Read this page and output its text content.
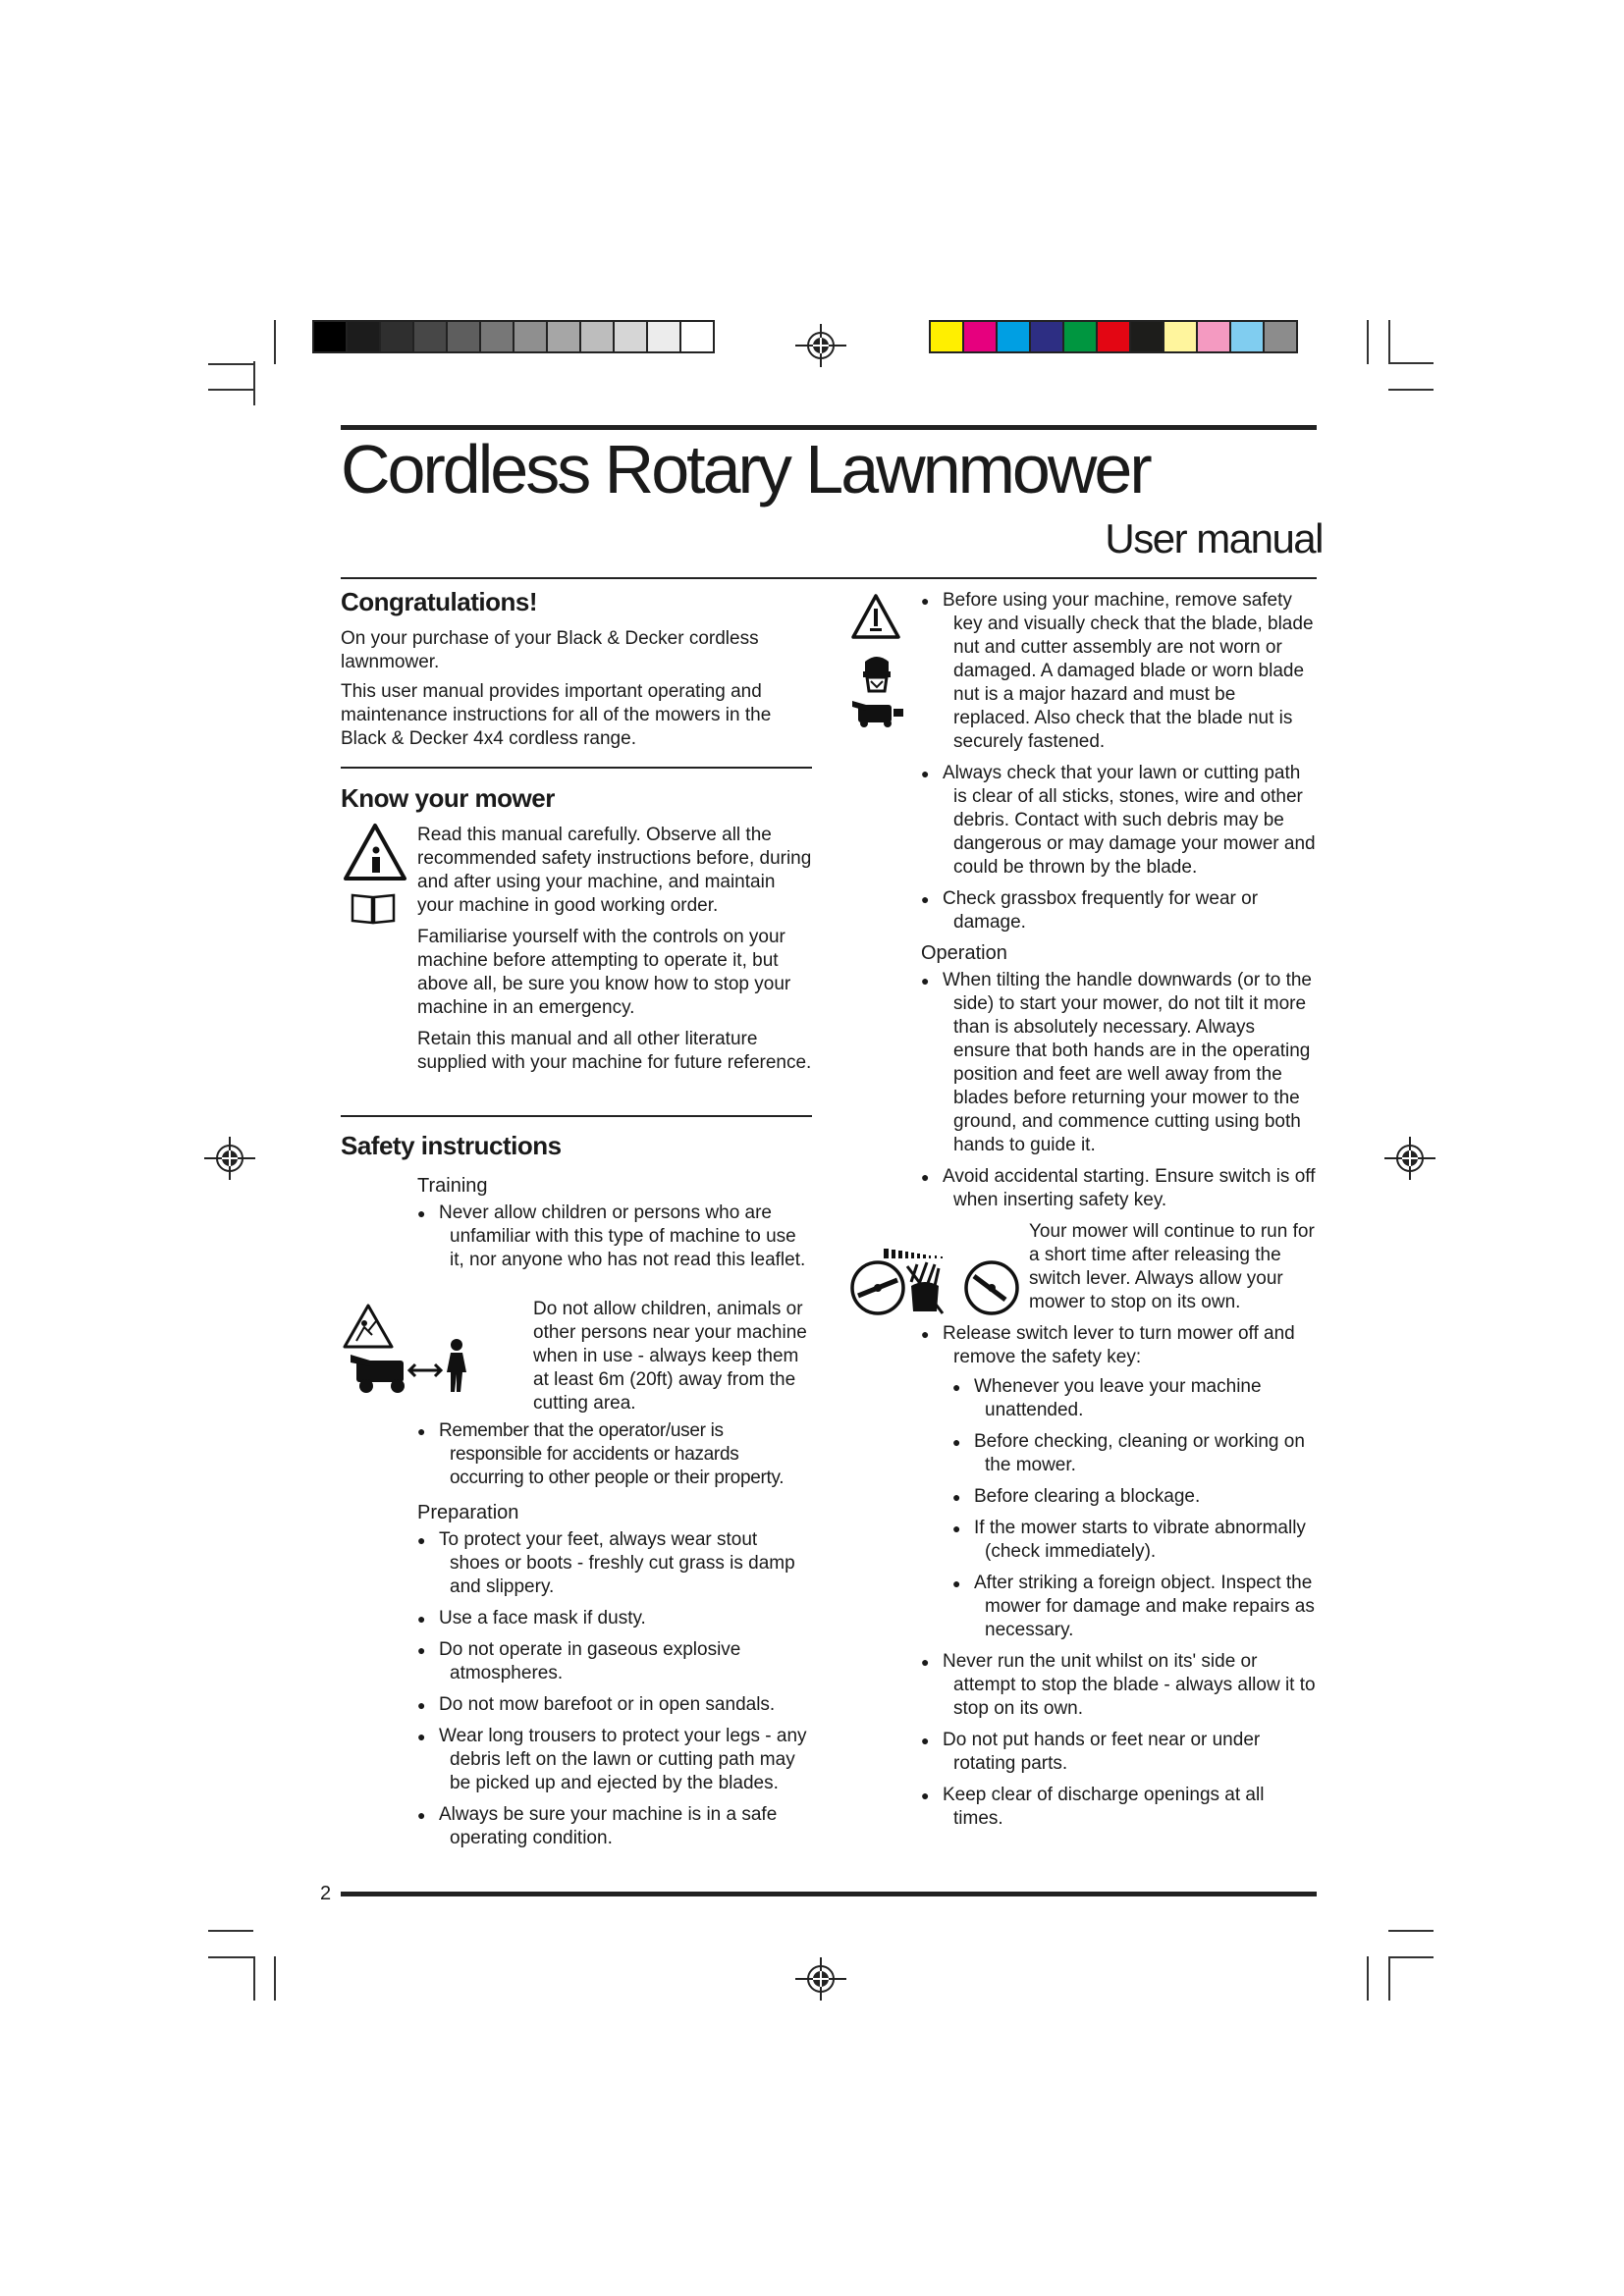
Cordless Rotary Lawnmower
User manual
Congratulations!

On your purchase of your Black & Decker cordless lawnmower.

This user manual provides important operating and maintenance instructions for all of the mowers in the Black & Decker 4x4 cordless range.

Know your mower

Read this manual carefully. Observe all the recommended safety instructions before, during and after using your machine, and maintain your machine in good working order.

Familiarise yourself with the controls on your machine before attempting to operate it, but above all, be sure you know how to stop your machine in an emergency.

Retain this manual and all other literature supplied with your machine for future reference.

Safety instructions
Training
● Never allow children or persons who are unfamiliar with this type of machine to use it, nor anyone who has not read this leaflet.

Do not allow children, animals or other persons near your machine when in use - always keep them at least 6m (20ft) away from the cutting area.

● Remember that the operator/user is responsible for accidents or hazards occurring to other people or their property.
Preparation
● To protect your feet, always wear stout shoes or boots - freshly cut grass is damp and slippery.
● Use a face mask if dusty.
● Do not operate in gaseous explosive atmospheres.
● Do not mow barefoot or in open sandals.
● Wear long trousers to protect your legs - any debris left on the lawn or cutting path may be picked up and ejected by the blades.
● Always be sure your machine is in a safe operating condition.
● Before using your machine, remove safety key and visually check that the blade, blade nut and cutter assembly are not worn or damaged. A damaged blade or worn blade nut is a major hazard and must be replaced. Also check that the blade nut is securely fastened.
● Always check that your lawn or cutting path is clear of all sticks, stones, wire and other debris. Contact with such debris may be dangerous or may damage your mower and could be thrown by the blade.
● Check grassbox frequently for wear or damage.
Operation
● When tilting the handle downwards (or to the side) to start your mower, do not tilt it more than is absolutely necessary. Always ensure that both hands are in the operating position and feet are well away from the blades before returning your mower to the ground, and commence cutting using both hands to guide it.
● Avoid accidental starting. Ensure switch is off when inserting safety key.

Your mower will continue to run for a short time after releasing the switch lever. Always allow your mower to stop on its own.

● Release switch lever to turn mower off and remove the safety key:
● Whenever you leave your machine unattended.
● Before checking, cleaning or working on the mower.
● Before clearing a blockage.
● If the mower starts to vibrate abnormally (check immediately).
● After striking a foreign object. Inspect the mower for damage and make repairs as necessary.
● Never run the unit whilst on its' side or attempt to stop the blade - always allow it to stop on its own.
● Do not put hands or feet near or under rotating parts.
● Keep clear of discharge openings at all times.
2
